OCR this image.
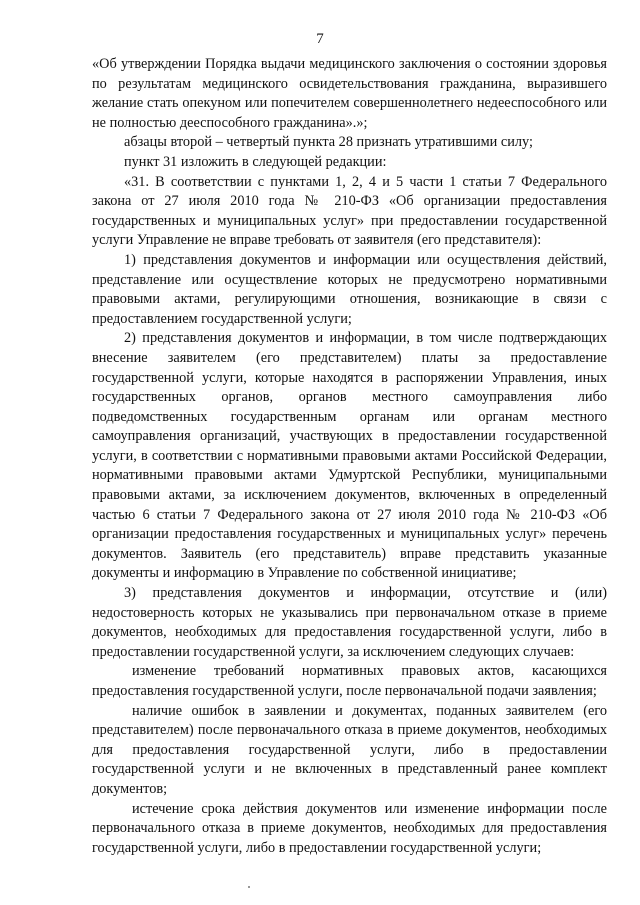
7

«Об утверждении Порядка выдачи медицинского заключения о состоянии здоровья по результатам медицинского освидетельствования гражданина, выразившего желание стать опекуном или попечителем совершеннолетнего недееспособного или не полностью дееспособного гражданина».»;

абзацы второй – четвертый пункта 28 признать утратившими силу;

пункт 31 изложить в следующей редакции:

«31. В соответствии с пунктами 1, 2, 4 и 5 части 1 статьи 7 Федерального закона от 27 июля 2010 года № 210-ФЗ «Об организации предоставления государственных и муниципальных услуг» при предоставлении государственной услуги Управление не вправе требовать от заявителя (его представителя):

1) представления документов и информации или осуществления действий, представление или осуществление которых не предусмотрено нормативными правовыми актами, регулирующими отношения, возникающие в связи с предоставлением государственной услуги;

2) представления документов и информации, в том числе подтверждающих внесение заявителем (его представителем) платы за предоставление государственной услуги, которые находятся в распоряжении Управления, иных государственных органов, органов местного самоуправления либо подведомственных государственным органам или органам местного самоуправления организаций, участвующих в предоставлении государственной услуги, в соответствии с нормативными правовыми актами Российской Федерации, нормативными правовыми актами Удмуртской Республики, муниципальными правовыми актами, за исключением документов, включенных в определенный частью 6 статьи 7 Федерального закона от 27 июля 2010 года № 210-ФЗ «Об организации предоставления государственных и муниципальных услуг» перечень документов. Заявитель (его представитель) вправе представить указанные документы и информацию в Управление по собственной инициативе;

3) представления документов и информации, отсутствие и (или) недостоверность которых не указывались при первоначальном отказе в приеме документов, необходимых для предоставления государственной услуги, либо в предоставлении государственной услуги, за исключением следующих случаев:

изменение требований нормативных правовых актов, касающихся предоставления государственной услуги, после первоначальной подачи заявления;

наличие ошибок в заявлении и документах, поданных заявителем (его представителем) после первоначального отказа в приеме документов, необходимых для предоставления государственной услуги, либо в предоставлении государственной услуги и не включенных в представленный ранее комплект документов;

истечение срока действия документов или изменение информации после первоначального отказа в приеме документов, необходимых для предоставления государственной услуги, либо в предоставлении государственной услуги;
